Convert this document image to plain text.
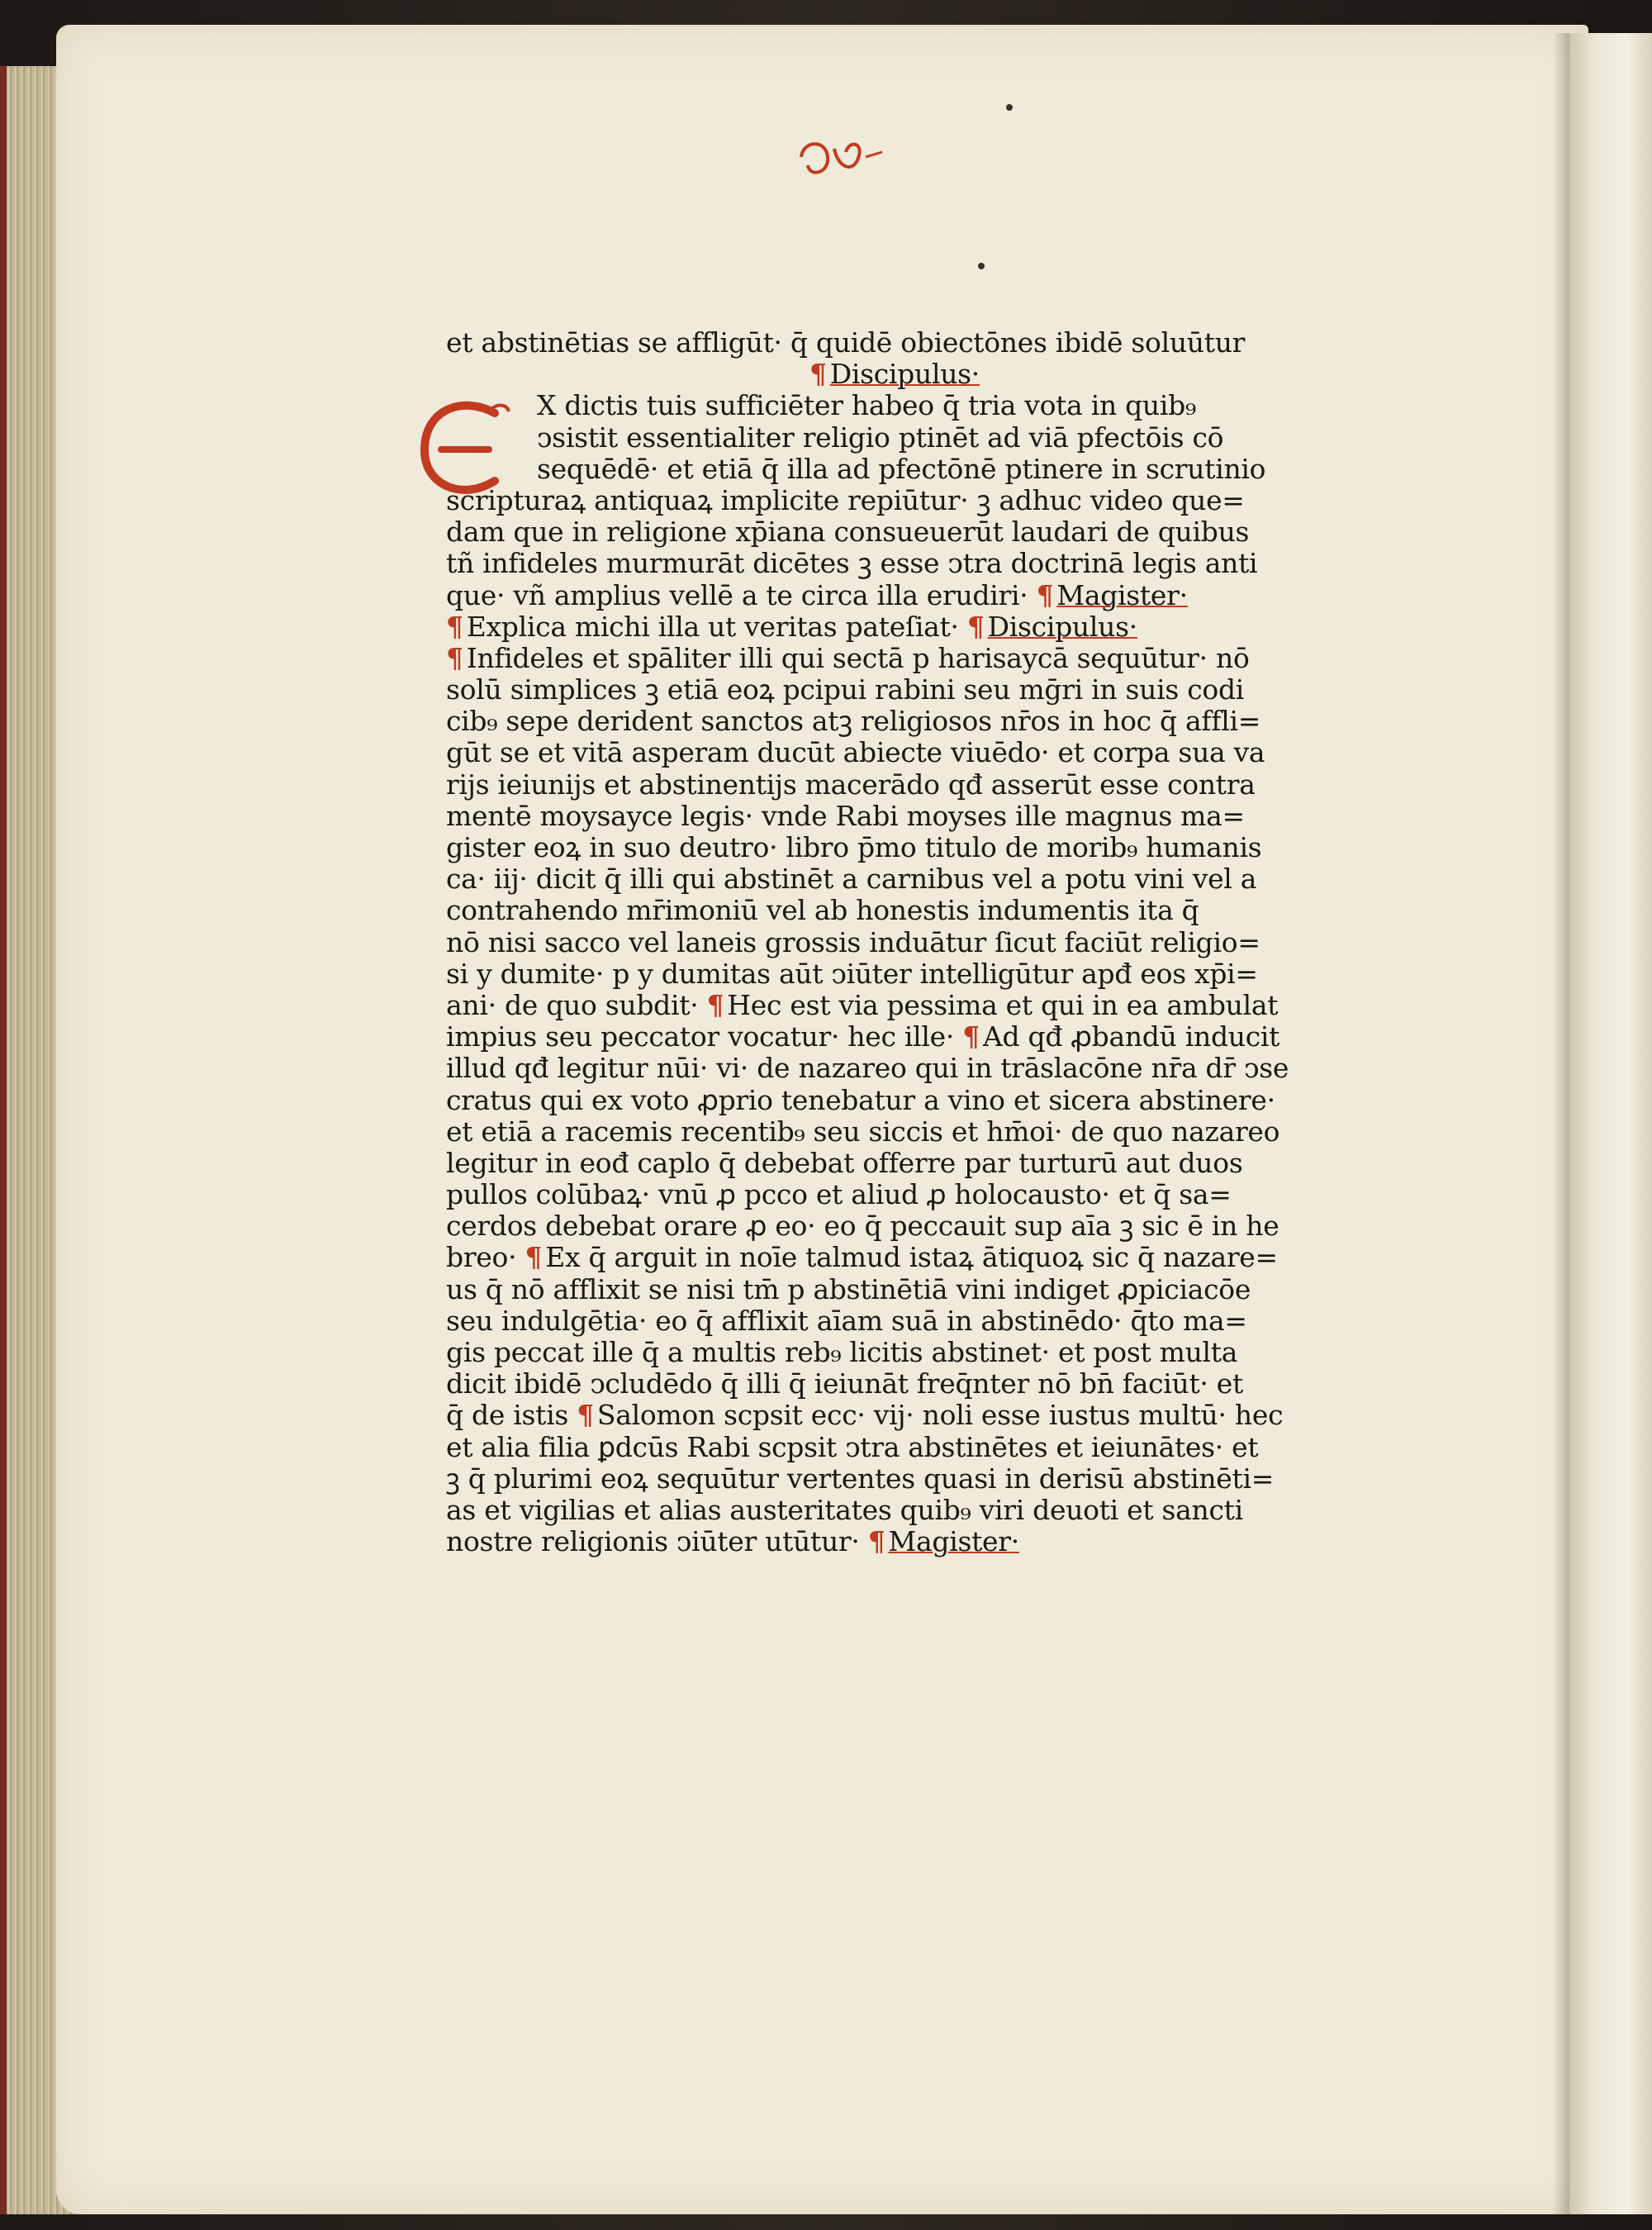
et abstinētias se affligūt· q̄ quidē obiectōnes ibidē soluūtur
¶ Discipulus·
X dictis tuis sufficiēter habeo q̄ tria vota in quib₉
ↄsistit essentialiter religio ptinēt ad viā pfectōis cō
sequēdē· et etiā q̄ illa ad pfectōnē ptinere in scrutinio
scripturaꝝ antiquaꝝ implicite repiūtur· ꝫ adhuc video que=
dam que in religione xp̄iana consueuerūt laudari de quibus
tñ infideles murmurāt dicētes ꝫ esse ↄtra doctrinā legis anti
que· vñ amplius vellē a te circa illa erudiri· ¶ Magister·
¶ Explica michi illa ut veritas pateſiat· ¶ Discipulus·
¶ Infideles et spāliter illi qui sectā p harisaycā sequūtur· nō
solū simplices ꝫ etiā eoꝝ pcipui rabini seu mḡri in suis codi
cib₉ sepe derident sanctos atꝫ religiosos nr̄os in hoc q̄ affli=
gūt se et vitā asperam ducūt abiecte viuēdo· et corpa sua va
rijs ieiunijs et abstinentijs macerādo qđ asserūt esse contra
mentē moysayce legis· vnde Rabi moyses ille magnus ma=
gister eoꝝ in suo deutro· libro p̄mo titulo de morib₉ humanis
ca· iij· dicit q̄ illi qui abstinēt a carnibus vel a potu vini vel a
contrahendo mr̄imoniū vel ab honestis indumentis ita q̄
nō nisi sacco vel laneis grossis induātur ſicut faciūt religio=
si y dumite· p y dumitas aūt ↄiūter intelligūtur apđ eos xp̄i=
ani· de quo subdit· ¶ Hec est via pessima et qui in ea ambulat
impius seu peccator vocatur· hec ille· ¶ Ad qđ ꝓbandū inducit
illud qđ legitur nūi· vi· de nazareo qui in trāslacōne nr̄a dr̄ ↄse
cratus qui ex voto ꝓprio tenebatur a vino et sicera abstinere·
et etiā a racemis recentib₉ seu siccis et hm̄oi· de quo nazareo
legitur in eođ caplo q̄ debebat offerre par turturū aut duos
pullos colūbaꝝ· vnū ꝓ pcco et aliud ꝓ holocausto· et q̄ sa=
cerdos debebat orare ꝓ eo· eo q̄ peccauit sup aīa ꝫ sic ē in he
breo· ¶ Ex q̄ arguit in noīe talmud istaꝝ ātiquoꝝ sic q̄ nazare=
us q̄ nō afflixit se nisi tm̄ p abstinētiā vini indiget ꝓpiciacōe
seu indulgētia· eo q̄ afflixit aīam suā in abstinēdo· q̄to ma=
gis peccat ille q̄ a multis reb₉ licitis abstinet· et post multa
dicit ibidē ↄcludēdo q̄ illi q̄ ieiunāt freq̄nter nō bn̄ faciūt· et
q̄ de istis ¶ Salomon scpsit ecc· vij· noli esse iustus multū· hec
et alia filia ꝑdcūs Rabi scpsit ↄtra abstinētes et ieiunātes· et
ꝫ q̄ plurimi eoꝝ sequūtur vertentes quasi in derisū abstinēti=
as et vigilias et alias austeritates quib₉ viri deuoti et sancti
nostre religionis ↄiūter utūtur· ¶ Magister·
